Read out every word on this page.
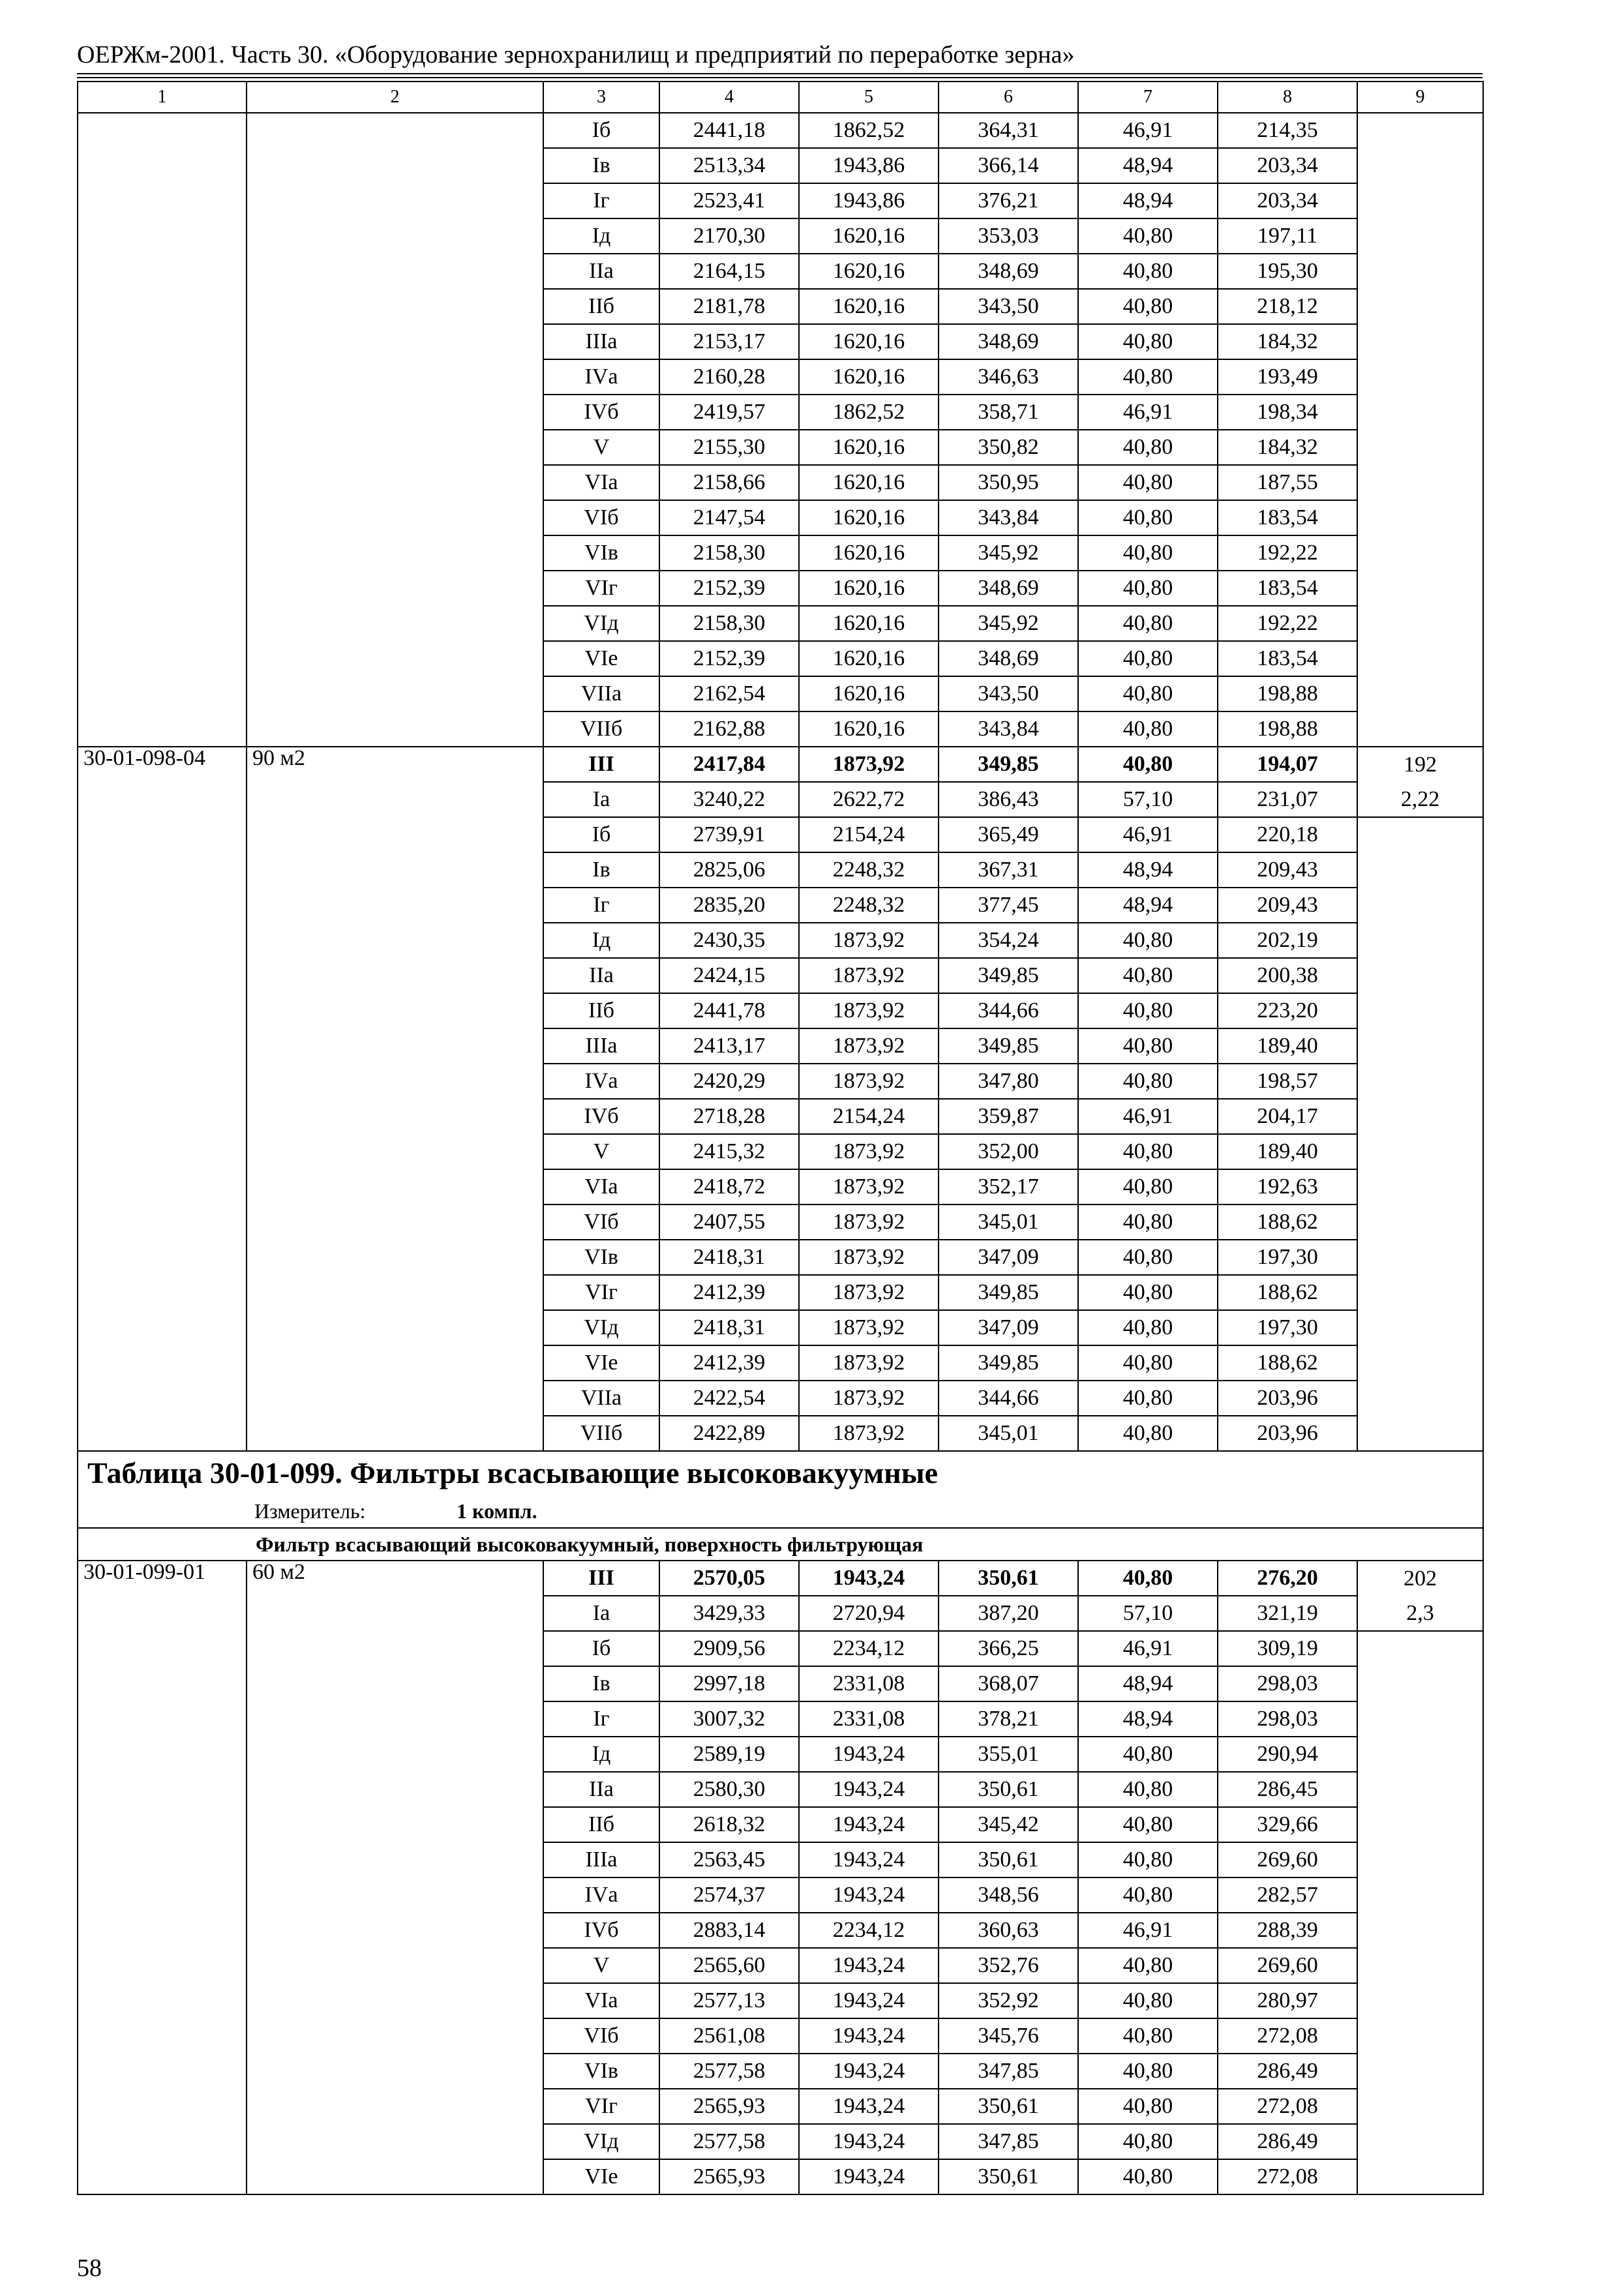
ОЕРЖм-2001. Часть 30. «Оборудование зернохранилищ и предприятий по переработке зерна»
1	2	3	4	5	6	7	8	9
		Iб	2441,18	1862,52	364,31	46,91	214,35	
		Iв	2513,34	1943,86	366,14	48,94	203,34	
		Iг	2523,41	1943,86	376,21	48,94	203,34	
		Iд	2170,30	1620,16	353,03	40,80	197,11	
		IIа	2164,15	1620,16	348,69	40,80	195,30	
		IIб	2181,78	1620,16	343,50	40,80	218,12	
		IIIа	2153,17	1620,16	348,69	40,80	184,32	
		IVа	2160,28	1620,16	346,63	40,80	193,49	
		IVб	2419,57	1862,52	358,71	46,91	198,34	
		V	2155,30	1620,16	350,82	40,80	184,32	
		VIа	2158,66	1620,16	350,95	40,80	187,55	
		VIб	2147,54	1620,16	343,84	40,80	183,54	
		VIв	2158,30	1620,16	345,92	40,80	192,22	
		VIг	2152,39	1620,16	348,69	40,80	183,54	
		VIд	2158,30	1620,16	345,92	40,80	192,22	
		VIе	2152,39	1620,16	348,69	40,80	183,54	
		VIIа	2162,54	1620,16	343,50	40,80	198,88	
		VIIб	2162,88	1620,16	343,84	40,80	198,88	
30-01-098-04	90 м2	III	2417,84	1873,92	349,85	40,80	194,07	192
		Iа	3240,22	2622,72	386,43	57,10	231,07	2,22
		Iб	2739,91	2154,24	365,49	46,91	220,18	
		Iв	2825,06	2248,32	367,31	48,94	209,43	
		Iг	2835,20	2248,32	377,45	48,94	209,43	
		Iд	2430,35	1873,92	354,24	40,80	202,19	
		IIа	2424,15	1873,92	349,85	40,80	200,38	
		IIб	2441,78	1873,92	344,66	40,80	223,20	
		IIIа	2413,17	1873,92	349,85	40,80	189,40	
		IVа	2420,29	1873,92	347,80	40,80	198,57	
		IVб	2718,28	2154,24	359,87	46,91	204,17	
		V	2415,32	1873,92	352,00	40,80	189,40	
		VIа	2418,72	1873,92	352,17	40,80	192,63	
		VIб	2407,55	1873,92	345,01	40,80	188,62	
		VIв	2418,31	1873,92	347,09	40,80	197,30	
		VIг	2412,39	1873,92	349,85	40,80	188,62	
		VIд	2418,31	1873,92	347,09	40,80	197,30	
		VIе	2412,39	1873,92	349,85	40,80	188,62	
		VIIа	2422,54	1873,92	344,66	40,80	203,96	
		VIIб	2422,89	1873,92	345,01	40,80	203,96	
Таблица 30-01-099. Фильтры всасывающие высоковакуумные								
Измеритель: 1 компл.								
Фильтр всасывающий высоковакуумный, поверхность фильтрующая								
30-01-099-01	60 м2	III	2570,05	1943,24	350,61	40,80	276,20	202
		Iа	3429,33	2720,94	387,20	57,10	321,19	2,3
		Iб	2909,56	2234,12	366,25	46,91	309,19	
		Iв	2997,18	2331,08	368,07	48,94	298,03	
		Iг	3007,32	2331,08	378,21	48,94	298,03	
		Iд	2589,19	1943,24	355,01	40,80	290,94	
		IIа	2580,30	1943,24	350,61	40,80	286,45	
		IIб	2618,32	1943,24	345,42	40,80	329,66	
		IIIа	2563,45	1943,24	350,61	40,80	269,60	
		IVа	2574,37	1943,24	348,56	40,80	282,57	
		IVб	2883,14	2234,12	360,63	46,91	288,39	
		V	2565,60	1943,24	352,76	40,80	269,60	
		VIа	2577,13	1943,24	352,92	40,80	280,97	
		VIб	2561,08	1943,24	345,76	40,80	272,08	
		VIв	2577,58	1943,24	347,85	40,80	286,49	
		VIг	2565,93	1943,24	350,61	40,80	272,08	
		VIд	2577,58	1943,24	347,85	40,80	286,49	
		VIе	2565,93	1943,24	350,61	40,80	272,08	
58
